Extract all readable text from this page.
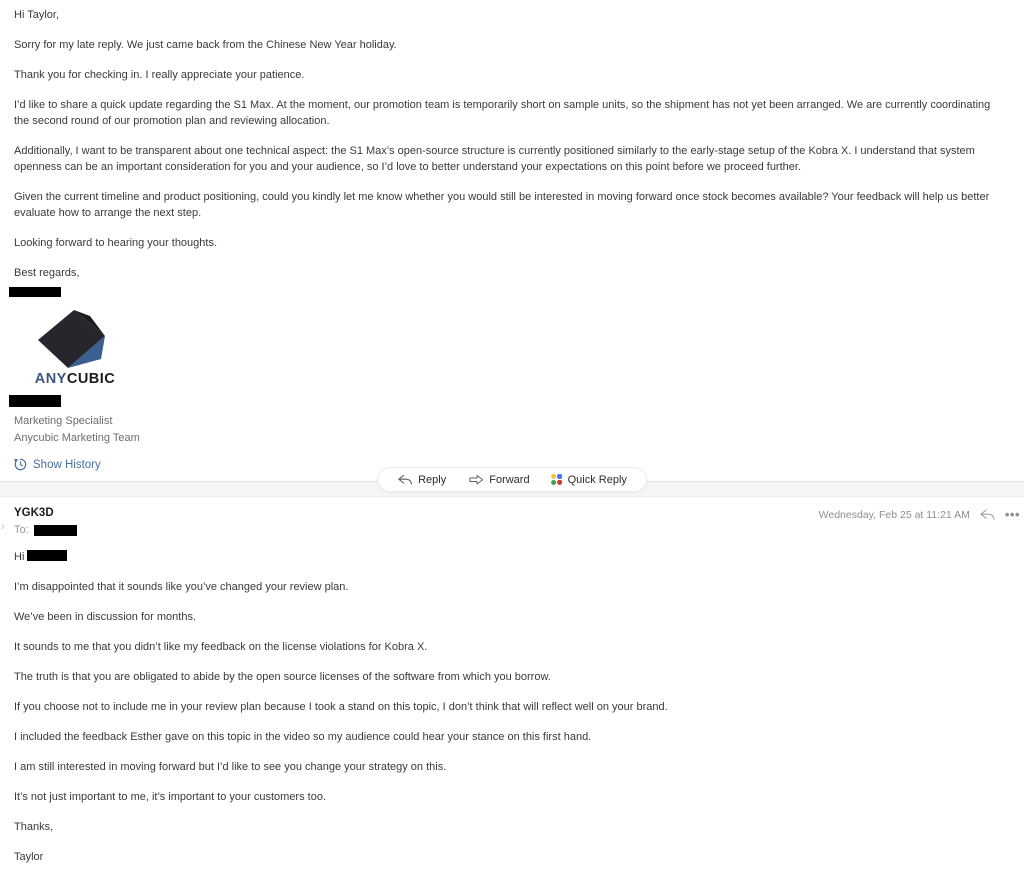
Hi Taylor,

Sorry for my late reply. We just came back from the Chinese New Year holiday.

Thank you for checking in. I really appreciate your patience.

I’d like to share a quick update regarding the S1 Max. At the moment, our promotion team is temporarily short on sample units, so the shipment has not yet been arranged. We are currently coordinating the second round of our promotion plan and reviewing allocation.

Additionally, I want to be transparent about one technical aspect: the S1 Max’s open-source structure is currently positioned similarly to the early-stage setup of the Kobra X. I understand that system openness can be an important consideration for you and your audience, so I’d love to better understand your expectations on this point before we proceed further.

Given the current timeline and product positioning, could you kindly let me know whether you would still be interested in moving forward once stock becomes available? Your feedback will help us better evaluate how to arrange the next step.

Looking forward to hearing your thoughts.

Best regards,

ANYCUBIC
Marketing Specialist
Anycubic Marketing Team
Show History
Reply	Forward	Quick Reply
›
YGK3D
To:
Wednesday, Feb 25 at 11:21 AM	•••

Hi

I’m disappointed that it sounds like you’ve changed your review plan.

We’ve been in discussion for months.

It sounds to me that you didn’t like my feedback on the license violations for Kobra X.

The truth is that you are obligated to abide by the open source licenses of the software from which you borrow.

If you choose not to include me in your review plan because I took a stand on this topic, I don’t think that will reflect well on your brand.

I included the feedback Esther gave on this topic in the video so my audience could hear your stance on this first hand.

I am still interested in moving forward but I’d like to see you change your strategy on this.

It’s not just important to me, it’s important to your customers too.

Thanks,

Taylor
